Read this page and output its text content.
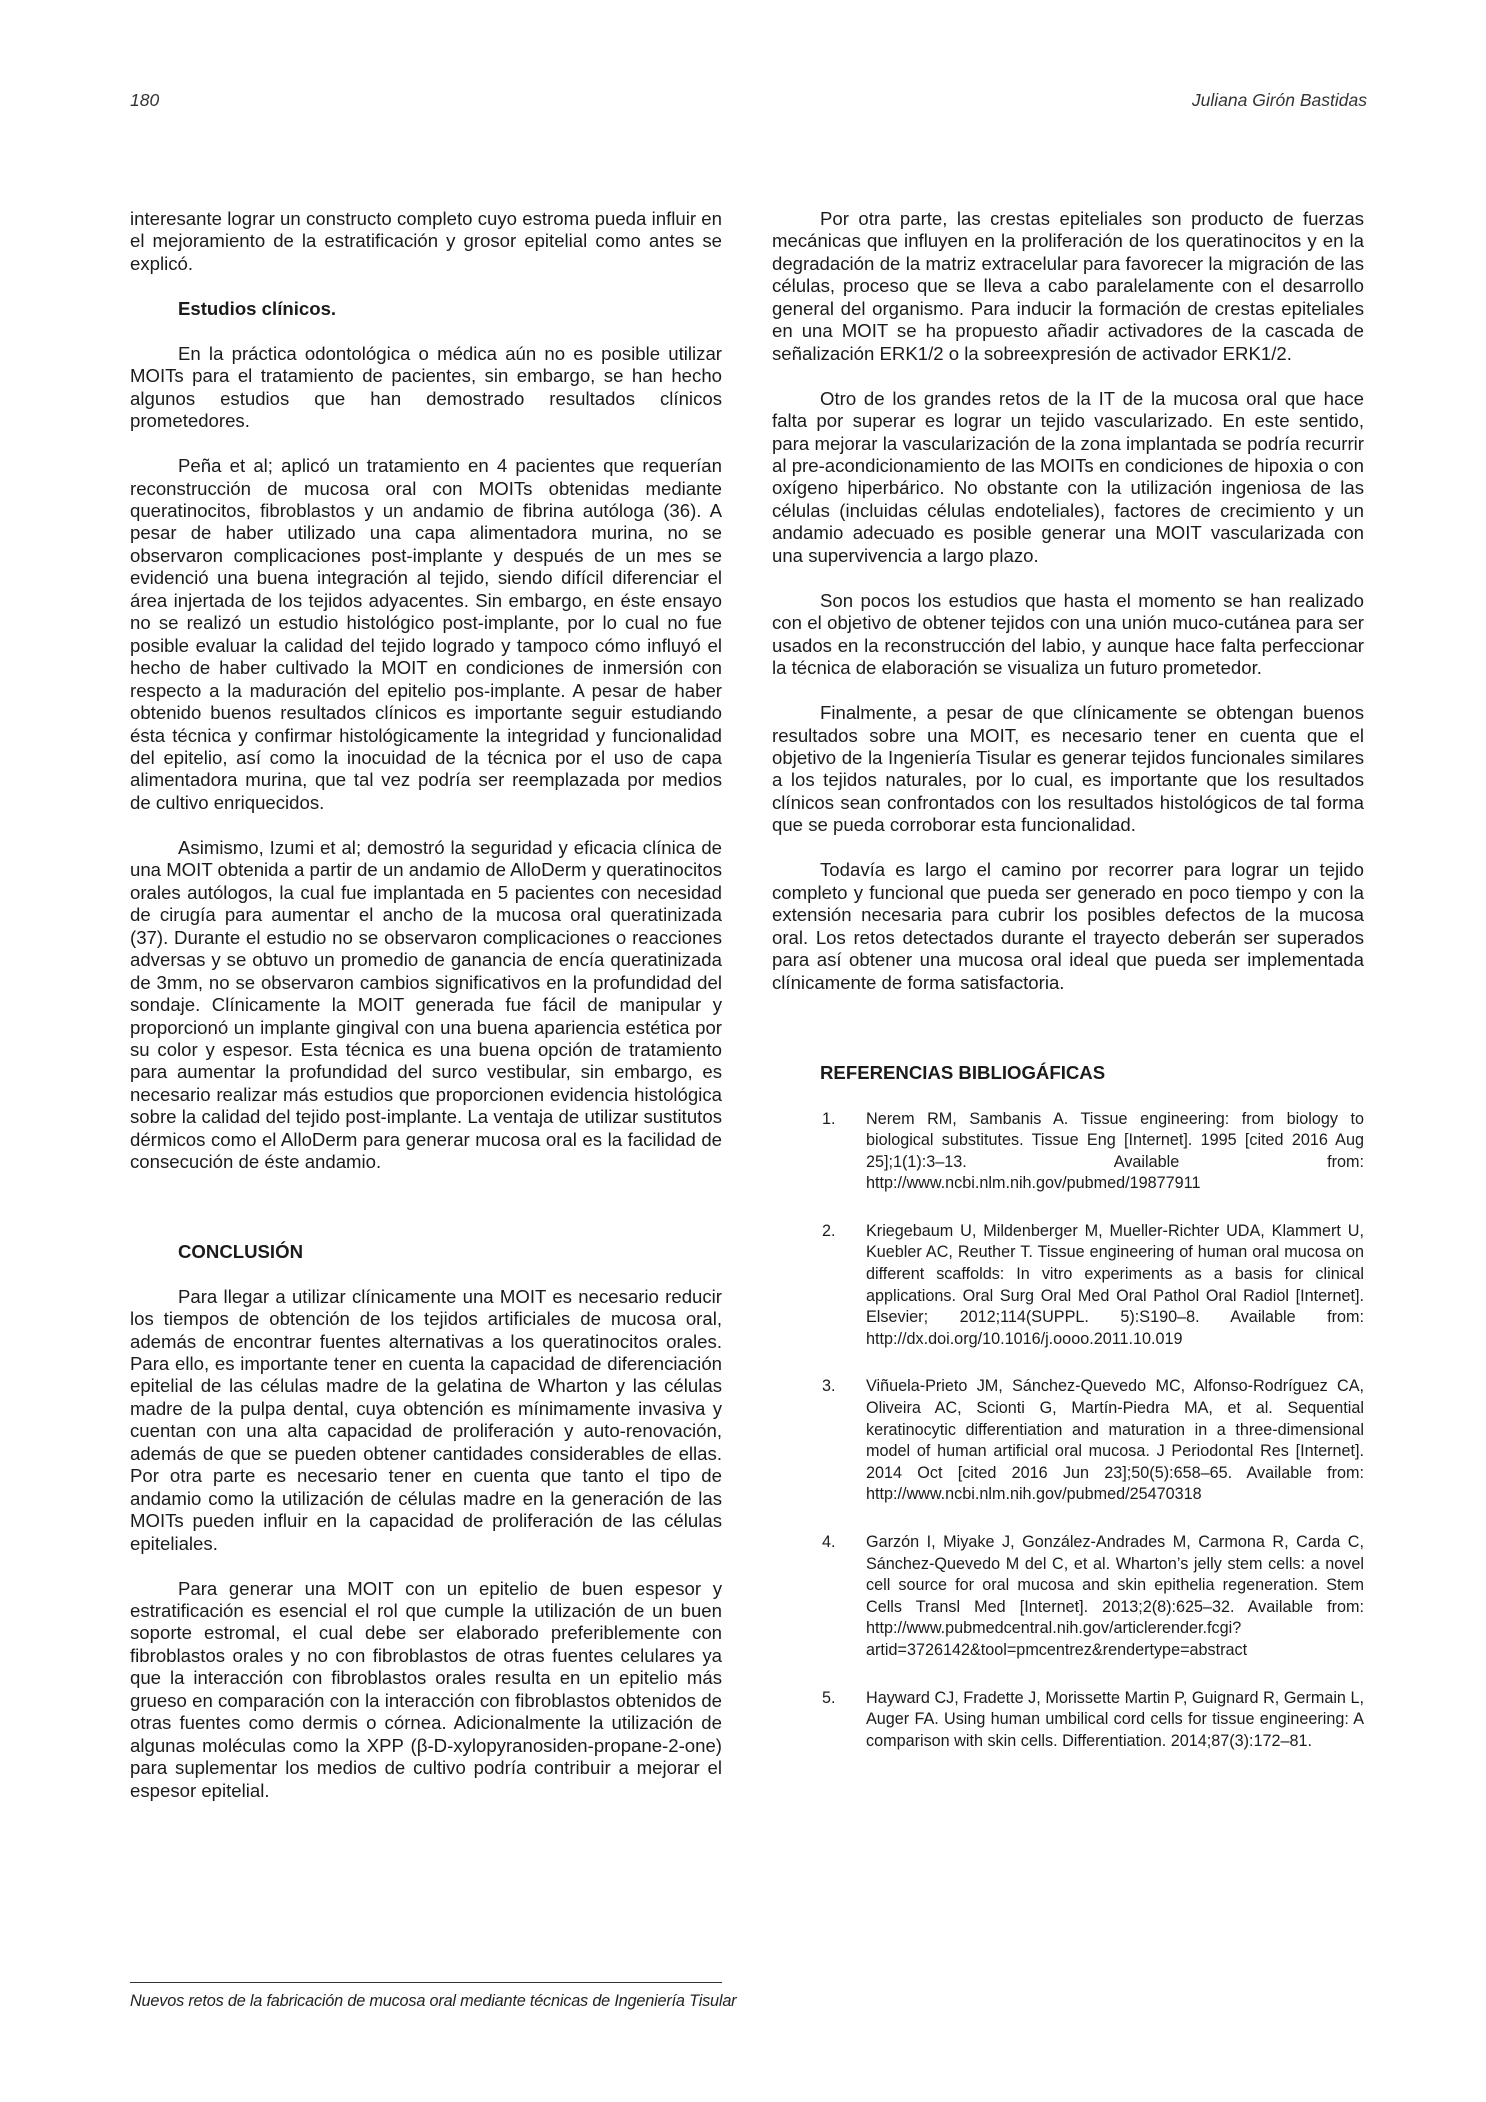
180	Juliana Girón Bastidas

interesante lograr un constructo completo cuyo estroma pueda influir en el mejoramiento de la estratificación y grosor epitelial como antes se explicó.

Estudios clínicos.

En la práctica odontológica o médica aún no es posible utilizar MOITs para el tratamiento de pacientes, sin embargo, se han hecho algunos estudios que han demostrado resultados clínicos prometedores.

Peña et al; aplicó un tratamiento en 4 pacientes que requerían reconstrucción de mucosa oral con MOITs obtenidas mediante queratinocitos, fibroblastos y un andamio de fibrina autóloga (36). A pesar de haber utilizado una capa alimentadora murina, no se observaron complicaciones post-implante y después de un mes se evidenció una buena integración al tejido, siendo difícil diferenciar el área injertada de los tejidos adyacentes. Sin embargo, en éste ensayo no se realizó un estudio histológico post-implante, por lo cual no fue posible evaluar la calidad del tejido logrado y tampoco cómo influyó el hecho de haber cultivado la MOIT en condiciones de inmersión con respecto a la maduración del epitelio pos-implante. A pesar de haber obtenido buenos resultados clínicos es importante seguir estudiando ésta técnica y confirmar histológicamente la integridad y funcionalidad del epitelio, así como la inocuidad de la técnica por el uso de capa alimentadora murina, que tal vez podría ser reemplazada por medios de cultivo enriquecidos.

Asimismo, Izumi et al; demostró la seguridad y eficacia clínica de una MOIT obtenida a partir de un andamio de AlloDerm y queratinocitos orales autólogos, la cual fue implantada en 5 pacientes con necesidad de cirugía para aumentar el ancho de la mucosa oral queratinizada (37). Durante el estudio no se observaron complicaciones o reacciones adversas y se obtuvo un promedio de ganancia de encía queratinizada de 3mm, no se observaron cambios significativos en la profundidad del sondaje. Clínicamente la MOIT generada fue fácil de manipular y proporcionó un implante gingival con una buena apariencia estética por su color y espesor. Esta técnica es una buena opción de tratamiento para aumentar la profundidad del surco vestibular, sin embargo, es necesario realizar más estudios que proporcionen evidencia histológica sobre la calidad del tejido post-implante. La ventaja de utilizar sustitutos dérmicos como el AlloDerm para generar mucosa oral es la facilidad de consecución de éste andamio.

CONCLUSIÓN

Para llegar a utilizar clínicamente una MOIT es necesario reducir los tiempos de obtención de los tejidos artificiales de mucosa oral, además de encontrar fuentes alternativas a los queratinocitos orales. Para ello, es importante tener en cuenta la capacidad de diferenciación epitelial de las células madre de la gelatina de Wharton y las células madre de la pulpa dental, cuya obtención es mínimamente invasiva y cuentan con una alta capacidad de proliferación y auto-renovación, además de que se pueden obtener cantidades considerables de ellas. Por otra parte es necesario tener en cuenta que tanto el tipo de andamio como la utilización de células madre en la generación de las MOITs pueden influir en la capacidad de proliferación de las células epiteliales.

Para generar una MOIT con un epitelio de buen espesor y estratificación es esencial el rol que cumple la utilización de un buen soporte estromal, el cual debe ser elaborado preferiblemente con fibroblastos orales y no con fibroblastos de otras fuentes celulares ya que la interacción con fibroblastos orales resulta en un epitelio más grueso en comparación con la interacción con fibroblastos obtenidos de otras fuentes como dermis o córnea. Adicionalmente la utilización de algunas moléculas como la XPP (β-D-xylopyranosiden-propane-2-one) para suplementar los medios de cultivo podría contribuir a mejorar el espesor epitelial.

Por otra parte, las crestas epiteliales son producto de fuerzas mecánicas que influyen en la proliferación de los queratinocitos y en la degradación de la matriz extracelular para favorecer la migración de las células, proceso que se lleva a cabo paralelamente con el desarrollo general del organismo. Para inducir la formación de crestas epiteliales en una MOIT se ha propuesto añadir activadores de la cascada de señalización ERK1/2 o la sobreexpresión de activador ERK1/2.

Otro de los grandes retos de la IT de la mucosa oral que hace falta por superar es lograr un tejido vascularizado. En este sentido, para mejorar la vascularización de la zona implantada se podría recurrir al pre-acondicionamiento de las MOITs en condiciones de hipoxia o con oxígeno hiperbárico. No obstante con la utilización ingeniosa de las células (incluidas células endoteliales), factores de crecimiento y un andamio adecuado es posible generar una MOIT vascularizada con una supervivencia a largo plazo.

Son pocos los estudios que hasta el momento se han realizado con el objetivo de obtener tejidos con una unión muco-cutánea para ser usados en la reconstrucción del labio, y aunque hace falta perfeccionar la técnica de elaboración se visualiza un futuro prometedor.

Finalmente, a pesar de que clínicamente se obtengan buenos resultados sobre una MOIT, es necesario tener en cuenta que el objetivo de la Ingeniería Tisular es generar tejidos funcionales similares a los tejidos naturales, por lo cual, es importante que los resultados clínicos sean confrontados con los resultados histológicos de tal forma que se pueda corroborar esta funcionalidad.

Todavía es largo el camino por recorrer para lograr un tejido completo y funcional que pueda ser generado en poco tiempo y con la extensión necesaria para cubrir los posibles defectos de la mucosa oral. Los retos detectados durante el trayecto deberán ser superados para así obtener una mucosa oral ideal que pueda ser implementada clínicamente de forma satisfactoria.

REFERENCIAS BIBLIOGÁFICAS
1. Nerem RM, Sambanis A. Tissue engineering: from biology to biological substitutes. Tissue Eng [Internet]. 1995 [cited 2016 Aug 25];1(1):3–13. Available from: http://www.ncbi.nlm.nih.gov/pubmed/19877911
2. Kriegebaum U, Mildenberger M, Mueller-Richter UDA, Klammert U, Kuebler AC, Reuther T. Tissue engineering of human oral mucosa on different scaffolds: In vitro experiments as a basis for clinical applications. Oral Surg Oral Med Oral Pathol Oral Radiol [Internet]. Elsevier; 2012;114(SUPPL. 5):S190–8. Available from: http://dx.doi.org/10.1016/j.oooo.2011.10.019
3. Viñuela-Prieto JM, Sánchez-Quevedo MC, Alfonso-Rodríguez CA, Oliveira AC, Scionti G, Martín-Piedra MA, et al. Sequential keratinocytic differentiation and maturation in a three-dimensional model of human artificial oral mucosa. J Periodontal Res [Internet]. 2014 Oct [cited 2016 Jun 23];50(5):658–65. Available from: http://www.ncbi.nlm.nih.gov/pubmed/25470318
4. Garzón I, Miyake J, González-Andrades M, Carmona R, Carda C, Sánchez-Quevedo M del C, et al. Wharton’s jelly stem cells: a novel cell source for oral mucosa and skin epithelia regeneration. Stem Cells Transl Med [Internet]. 2013;2(8):625–32. Available from: http://www.pubmedcentral.nih.gov/articlerender.fcgi?artid=3726142&tool=pmcentrez&rendertype=abstract
5. Hayward CJ, Fradette J, Morissette Martin P, Guignard R, Germain L, Auger FA. Using human umbilical cord cells for tissue engineering: A comparison with skin cells. Differentiation. 2014;87(3):172–81.
Nuevos retos de la fabricación de mucosa oral mediante técnicas de Ingeniería Tisular
